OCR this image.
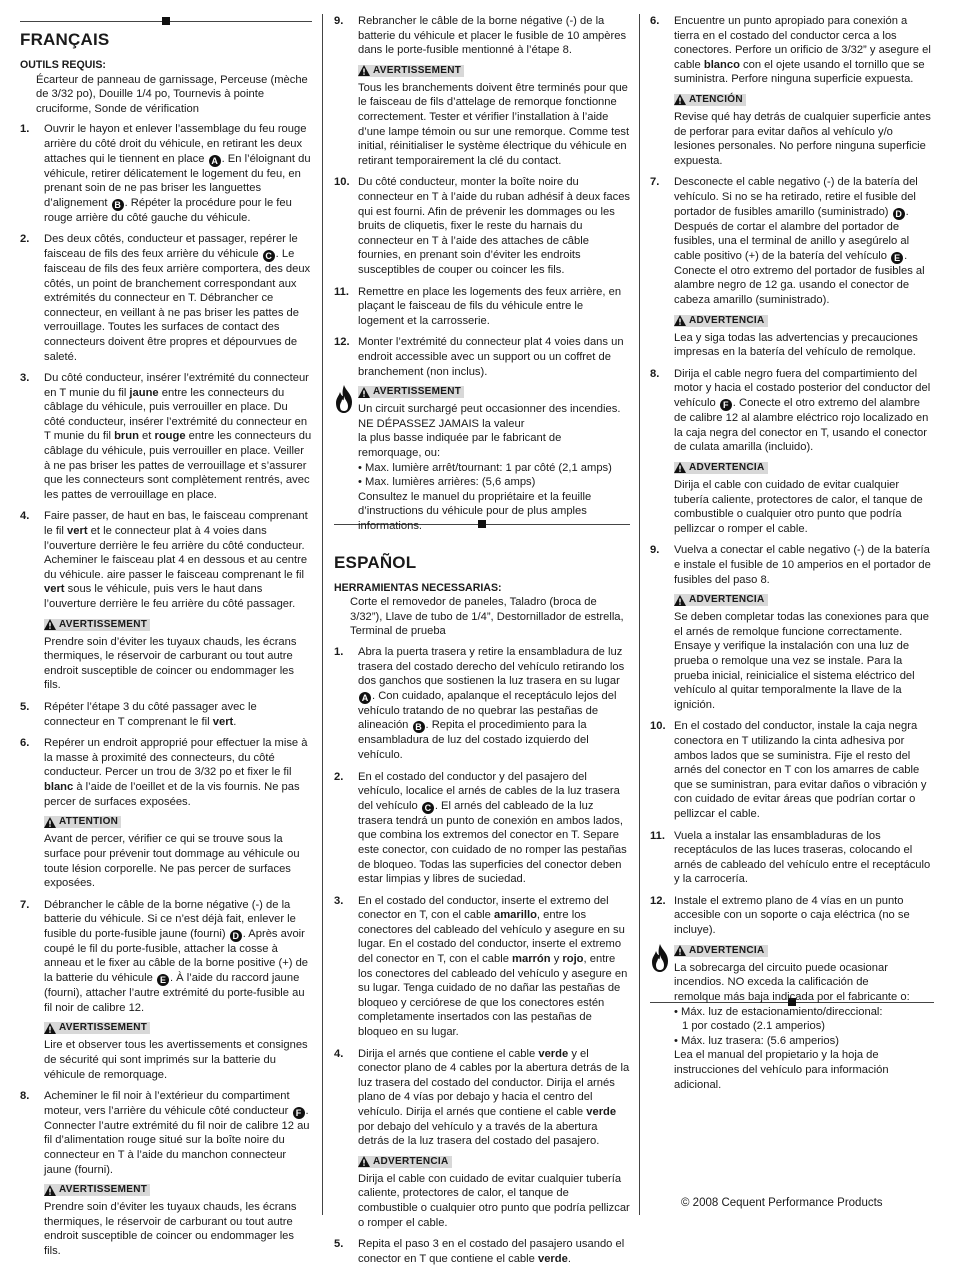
FRANÇAIS
OUTILS REQUIS:
Écarteur de panneau de garnissage, Perceuse (mèche de 3/32 po), Douille 1/4 po, Tournevis à pointe cruciforme, Sonde de vérification
1.	Ouvrir le hayon et enlever l’assemblage du feu rouge arrière du côté droit du véhicule, en retirant les deux attaches qui le tiennent en place A . En l’éloignant du véhicule, retirer délicatement le logement du feu, en prenant soin de ne pas briser les languettes d’alignement B . Répéter la procédure pour le feu rouge arrière du côté gauche du véhicule.
2.	Des deux côtés, conducteur et passager, repérer le faisceau de fils des feux arrière du véhicule C . Le faisceau de fils des feux arrière comportera, des deux côtés, un point de branchement correspondant aux extrémités du connecteur en T. Débrancher ce connecteur, en veillant à ne pas briser les pattes de verrouillage. Toutes les surfaces de contact des connecteurs doivent être propres et dépourvues de saleté.
3.	Du côté conducteur, insérer l’extrémité du connecteur en T munie du fil jaune entre les connecteurs du câblage du véhicule, puis verrouiller en place. Du côté conducteur, insérer l’extrémité du connecteur en T munie du fil brun et rouge entre les connecteurs du câblage du véhicule, puis verrouiller en place. Veiller à ne pas briser les pattes de verrouillage et s’assurer que les connecteurs sont complètement rentrés, avec les pattes de verrouillage en place.
4.	Faire passer, de haut en bas, le faisceau comprenant le fil vert et le connecteur plat à 4 voies dans l’ouverture derrière le feu arrière du côté conducteur. Acheminer le faisceau plat 4 en dessous et au centre du véhicule. aire passer le faisceau comprenant le fil vert sous le véhicule, puis vers le haut dans l’ouverture derrière le feu arrière du côté passager.
AVERTISSEMENT
Prendre soin d’éviter les tuyaux chauds, les écrans thermiques, le réservoir de carburant ou tout autre endroit susceptible de coincer ou endommager les fils.
5.	Répéter l’étape 3 du côté passager avec le connecteur en T comprenant le fil vert.
6.	Repérer un endroit approprié pour effectuer la mise à la masse à proximité des connecteurs, du côté conducteur. Percer un trou de 3/32 po et fixer le fil blanc à l’aide de l’oeillet et de la vis fournis. Ne pas percer de surfaces exposées.
ATTENTION
Avant de percer, vérifier ce qui se trouve sous la surface pour prévenir tout dommage au véhicule ou toute lésion corporelle. Ne pas percer de surfaces exposées.
7.	Débrancher le câble de la borne négative (-) de la batterie du véhicule. Si ce n’est déjà fait, enlever le fusible du porte-fusible jaune (fourni) D . Après avoir coupé le fil du porte-fusible, attacher la cosse à anneau et le fixer au câble de la borne positive (+) de la batterie du véhicule E . À l’aide du raccord jaune (fourni), attacher l’autre extrémité du porte-fusible au fil noir de calibre 12.
AVERTISSEMENT
Lire et observer tous les avertissements et consignes de sécurité qui sont imprimés sur la batterie du véhicule de remorquage.
8.	Acheminer le fil noir à l’extérieur du compartiment moteur, vers l’arrière du véhicule côté conducteur F . Connecter l’autre extrémité du fil noir de calibre 12 au fil d’alimentation rouge situé sur la boîte noire du connecteur en T à l’aide du manchon connecteur jaune (fourni).
AVERTISSEMENT
Prendre soin d’éviter les tuyaux chauds, les écrans thermiques, le réservoir de carburant ou tout autre endroit susceptible de coincer ou endommager les fils.
9.	Rebrancher le câble de la borne négative (-) de la batterie du véhicule et placer le fusible de 10 ampères dans le porte-fusible mentionné à l’étape 8.
AVERTISSEMENT
Tous les branchements doivent être terminés pour que le faisceau de fils d’attelage de remorque fonctionne correctement. Tester et vérifier l’installation à l’aide d’une lampe témoin ou sur une remorque. Comme test initial, réinitialiser le système électrique du véhicule en retirant temporairement la clé du contact.
10. Du côté conducteur, monter la boîte noire du connecteur en T à l’aide du ruban adhésif à deux faces qui est fourni. Afin de prévenir les dommages ou les bruits de cliquetis, fixer le reste du harnais du connecteur en T à l’aide des attaches de câble fournies, en prenant soin d’éviter les endroits susceptibles de couper ou coincer les fils.
11. Remettre en place les logements des feux arrière, en plaçant le faisceau de fils du véhicule entre le logement et la carrosserie.
12. Monter l’extrémité du connecteur plat 4 voies dans un endroit accessible avec un support ou un coffret de branchement (non inclus).
AVERTISSEMENT

Un circuit surchargé peut occasionner des incendies.

NE DÉPASSEZ JAMAIS la valeur

la plus basse indiquée par le fabricant de

remorquage, ou:

• Max. lumière arrêt/tournant: 1 par côté (2,1 amps)

• Max. lumières arrières: (5,6 amps)

Consultez le manuel du propriétaire et la feuille d’instructions du véhicule pour de plus amples informations.

ESPAÑOL
HERRAMIENTAS NECESSARIAS:
Corte el removedor de paneles, Taladro (broca de 3/32”), Llave de tubo de 1/4”, Destornillador de estrella, Terminal de prueba
1.	Abra la puerta trasera y retire la ensambladura de luz trasera del costado derecho del vehículo retirando los dos ganchos que sostienen la luz trasera en su lugar A . Con cuidado, apalanque el receptáculo lejos del vehículo tratando de no quebrar las pestañas de alineación B . Repita el procedimiento para la ensambladura de luz del costado izquierdo del vehículo.
2.	En el costado del conductor y del pasajero del vehículo, localice el arnés de cables de la luz trasera del vehículo C . El arnés del cableado de la luz trasera tendrá un punto de conexión en ambos lados, que combina los extremos del conector en T. Separe este conector, con cuidado de no romper las pestañas de bloqueo. Todas las superficies del conector deben estar limpias y libres de suciedad.
3.	En el costado del conductor, inserte el extremo del conector en T, con el cable amarillo, entre los conectores del cableado del vehículo y asegure en su lugar. En el costado del conductor, inserte el extremo del conector en T, con el cable marrón y rojo, entre los conectores del cableado del vehículo y asegure en su lugar. Tenga cuidado de no dañar las pestañas de bloqueo y cerciórese de que los conectores estén completamente insertados con las pestañas de bloqueo en su lugar.
4.	Dirija el arnés que contiene el cable verde y el conector plano de 4 cables por la abertura detrás de la luz trasera del costado del conductor. Dirija el arnés plano de 4 vías por debajo y hacia el centro del vehículo. Dirija el arnés que contiene el cable verde por debajo del vehículo y a través de la abertura detrás de la luz trasera del costado del pasajero.
ADVERTENCIA
Dirija el cable con cuidado de evitar cualquier tubería caliente, protectores de calor, el tanque de combustible o cualquier otro punto que podría pellizcar o romper el cable.
5.	Repita el paso 3 en el costado del pasajero usando el conector en T que contiene el cable verde.
6.	Encuentre un punto apropiado para conexión a tierra en el costado del conductor cerca a los conectores. Perfore un orificio de 3/32” y asegure el cable blanco con el ojete usando el tornillo que se suministra. Perfore ninguna superficie expuesta.
ATENCIÓN
Revise qué hay detrás de cualquier superficie antes de perforar para evitar daños al vehículo y/o lesiones personales. No perfore ninguna superficie expuesta.
7.	Desconecte el cable negativo (-) de la batería del vehículo. Si no se ha retirado, retire el fusible del portador de fusibles amarillo (suministrado) D . Después de cortar el alambre del portador de fusibles, una el terminal de anillo y asegúrelo al cable positivo (+) de la batería del vehículo E . Conecte el otro extremo del portador de fusibles al alambre negro de 12 ga. usando el conector de cabeza amarillo (suministrado).
ADVERTENCIA
Lea y siga todas las advertencias y precauciones impresas en la batería del vehículo de remolque.
8.	Dirija el cable negro fuera del compartimiento del motor y hacia el costado posterior del conductor del vehículo F . Conecte el otro extremo del alambre de calibre 12 al alambre eléctrico rojo localizado en la caja negra del conector en T, usando el conector de culata amarilla (incluido).
ADVERTENCIA
Dirija el cable con cuidado de evitar cualquier tubería caliente, protectores de calor, el tanque de combustible o cualquier otro punto que podría pellizcar o romper el cable.
9.	Vuelva a conectar el cable negativo (-) de la batería e instale el fusible de 10 amperios en el portador de fusibles del paso 8.
ADVERTENCIA
Se deben completar todas las conexiones para que el arnés de remolque funcione correctamente. Ensaye y verifique la instalación con una luz de prueba o remolque una vez se instale. Para la prueba inicial, reinicialice el sistema eléctrico del vehículo al quitar temporalmente la llave de la ignición.
10. En el costado del conductor, instale la caja negra conectora en T utilizando la cinta adhesiva por ambos lados que se suministra. Fije el resto del arnés del conector en T con los amarres de cable que se suministran, para evitar daños o vibración y con cuidado de evitar áreas que podrían cortar o pellizcar el cable.
11. Vuela a instalar las ensambladuras de los receptáculos de las luces traseras, colocando el arnés de cableado del vehículo entre el receptáculo y la carrocería.
12. Instale el extremo plano de 4 vías en un punto accesible con un soporte o caja eléctrica (no se incluye).
ADVERTENCIA

La sobrecarga del circuito puede ocasionar

incendios. NO exceda la calificación de

remolque más baja indicada por el fabricante o:

• Máx. luz de estacionamiento/direccional:

1 por costado (2.1 amperios)

• Máx. luz trasera: (5.6 amperios)

Lea el manual del propietario y la hoja de instrucciones del vehículo para información adicional.

© 2008 Cequent Performance Products
